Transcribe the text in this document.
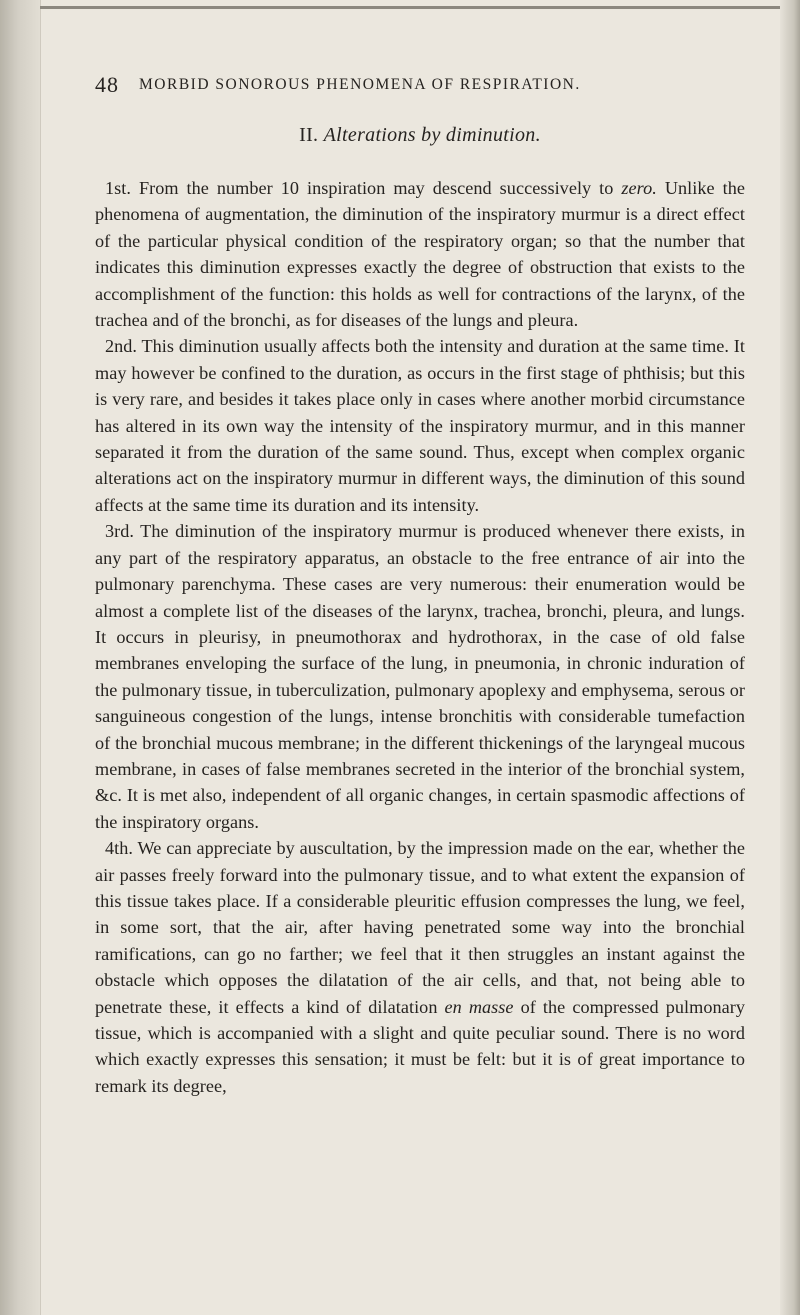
48 MORBID SONOROUS PHENOMENA OF RESPIRATION.
II. Alterations by diminution.

1st. From the number 10 inspiration may descend successively to zero. Unlike the phenomena of augmentation, the diminution of the inspiratory murmur is a direct effect of the particular physical condition of the respiratory organ; so that the number that indicates this diminution expresses exactly the degree of obstruction that exists to the accomplishment of the function: this holds as well for contractions of the larynx, of the trachea and of the bronchi, as for diseases of the lungs and pleura.

2nd. This diminution usually affects both the intensity and duration at the same time. It may however be confined to the duration, as occurs in the first stage of phthisis; but this is very rare, and besides it takes place only in cases where another morbid circumstance has altered in its own way the intensity of the inspiratory murmur, and in this manner separated it from the duration of the same sound. Thus, except when complex organic alterations act on the inspiratory murmur in different ways, the diminution of this sound affects at the same time its duration and its intensity.

3rd. The diminution of the inspiratory murmur is produced whenever there exists, in any part of the respiratory apparatus, an obstacle to the free entrance of air into the pulmonary parenchyma. These cases are very numerous: their enumeration would be almost a complete list of the diseases of the larynx, trachea, bronchi, pleura, and lungs. It occurs in pleurisy, in pneumothorax and hydrothorax, in the case of old false membranes enveloping the surface of the lung, in pneumonia, in chronic induration of the pulmonary tissue, in tuberculization, pulmonary apoplexy and emphysema, serous or sanguineous congestion of the lungs, intense bronchitis with considerable tumefaction of the bronchial mucous membrane; in the different thickenings of the laryngeal mucous membrane, in cases of false membranes secreted in the interior of the bronchial system, &c. It is met also, independent of all organic changes, in certain spasmodic affections of the inspiratory organs.

4th. We can appreciate by auscultation, by the impression made on the ear, whether the air passes freely forward into the pulmonary tissue, and to what extent the expansion of this tissue takes place. If a considerable pleuritic effusion compresses the lung, we feel, in some sort, that the air, after having penetrated some way into the bronchial ramifications, can go no farther; we feel that it then struggles an instant against the obstacle which opposes the dilatation of the air cells, and that, not being able to penetrate these, it effects a kind of dilatation en masse of the compressed pulmonary tissue, which is accompanied with a slight and quite peculiar sound. There is no word which exactly expresses this sensation; it must be felt: but it is of great importance to remark its degree,
